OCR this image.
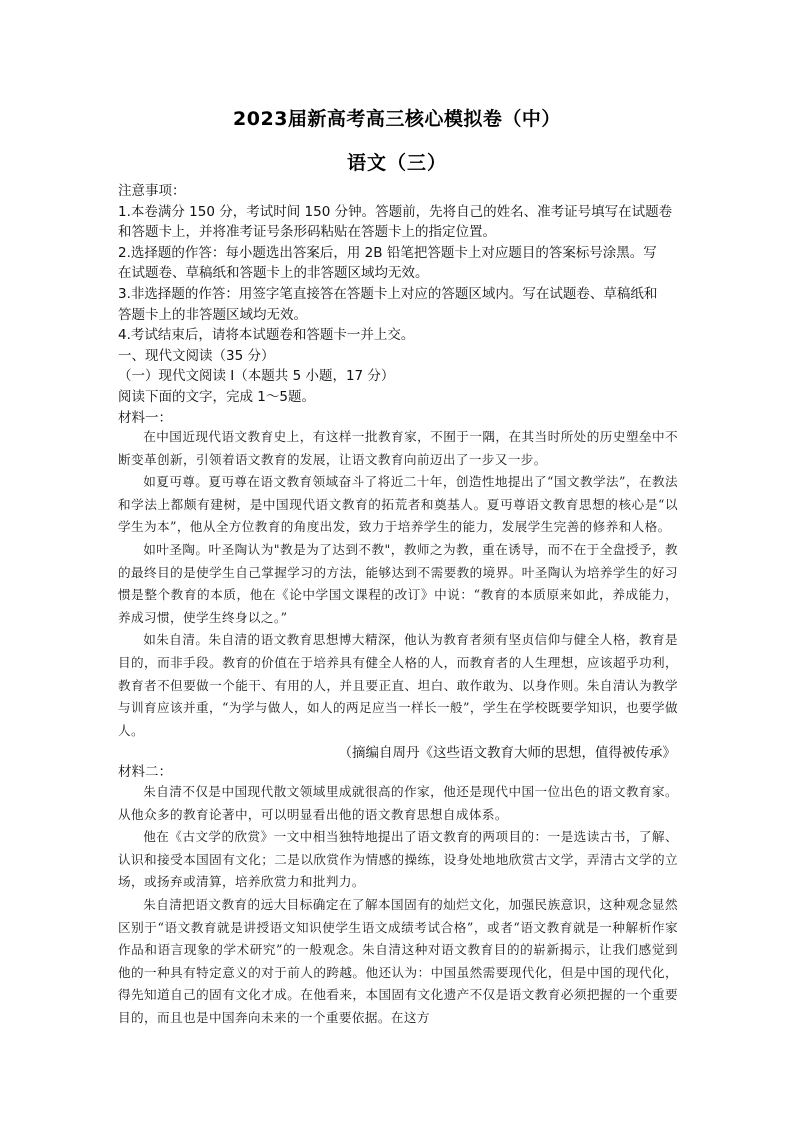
2023届新高考高三核心模拟卷（中）
语文（三）

注意事项：

1.本卷满分 150 分，考试时间 150 分钟。答题前，先将自己的姓名、准考证号填写在试题卷

和答题卡上，并将准考证号条形码粘贴在答题卡上的指定位置。

2.选择题的作答：每小题选出答案后，用 2B 铅笔把答题卡上对应题目的答案标号涂黑。写

在试题卷、草稿纸和答题卡上的非答题区域均无效。

3.非选择题的作答：用签字笔直接答在答题卡上对应的答题区域内。写在试题卷、草稿纸和

答题卡上的非答题区域均无效。

4.考试结束后，请将本试题卷和答题卡一并上交。

一、现代文阅读（35 分）

（一）现代文阅读 I（本题共 5 小题，17 分）

阅读下面的文字，完成 1～5题。

材料一：

在中国近现代语文教育史上，有这样一批教育家，不囿于一隅，在其当时所处的历史塑垒中不断变革创新，引领着语文教育的发展，让语文教育向前迈出了一步又一步。

如夏丏尊。夏丏尊在语文教育领域奋斗了将近二十年，创造性地提出了“国文教学法”，在教法和学法上都颇有建树，是中国现代语文教育的拓荒者和奠基人。夏丏尊语文教育思想的核心是“以学生为本”，他从全方位教育的角度出发，致力于培养学生的能力，发展学生完善的修养和人格。

如叶圣陶。叶圣陶认为"教是为了达到不教"，教师之为教，重在诱导，而不在于全盘授予，教的最终目的是使学生自己掌握学习的方法，能够达到不需要教的境界。叶圣陶认为培养学生的好习惯是整个教育的本质，他在《论中学国文课程的改订》中说：“教育的本质原来如此，养成能力，养成习惯，使学生终身以之。”

如朱自清。朱自清的语文教育思想博大精深，他认为教育者须有坚贞信仰与健全人格，教育是目的，而非手段。教育的价值在于培养具有健全人格的人，而教育者的人生理想，应该超乎功利，教育者不但要做一个能干、有用的人，并且要正直、坦白、敢作敢为、以身作则。朱自清认为教学与训育应该并重，“为学与做人，如人的两足应当一样长一般”，学生在学校既要学知识，也要学做人。

（摘编自周丹《这些语文教育大师的思想，值得被传承》
材料二：

朱自清不仅是中国现代散文领域里成就很高的作家，他还是现代中国一位出色的语文教育家。从他众多的教育论著中，可以明显看出他的语文教育思想自成体系。

他在《古文学的欣赏》一文中相当独特地提出了语文教育的两项目的：一是选读古书，了解、认识和接受本国固有文化；二是以欣赏作为情感的操练，设身处地地欣赏古文学，弄清古文学的立场，或扬弃或清算，培养欣赏力和批判力。

朱自清把语文教育的远大目标确定在了解本国固有的灿烂文化，加强民族意识，这种观念显然区别于“语文教育就是讲授语文知识使学生语文成绩考试合格”，或者“语文教育就是一种解析作家作品和语言现象的学术研究”的一般观念。朱自清这种对语文教育目的的崭新揭示，让我们感觉到他的一种具有特定意义的对于前人的跨越。他还认为：中国虽然需要现代化，但是中国的现代化，得先知道自己的固有文化才成。在他看来，本国固有文化遗产不仅是语文教育必须把握的一个重要目的，而且也是中国奔向未来的一个重要依据。在这方
